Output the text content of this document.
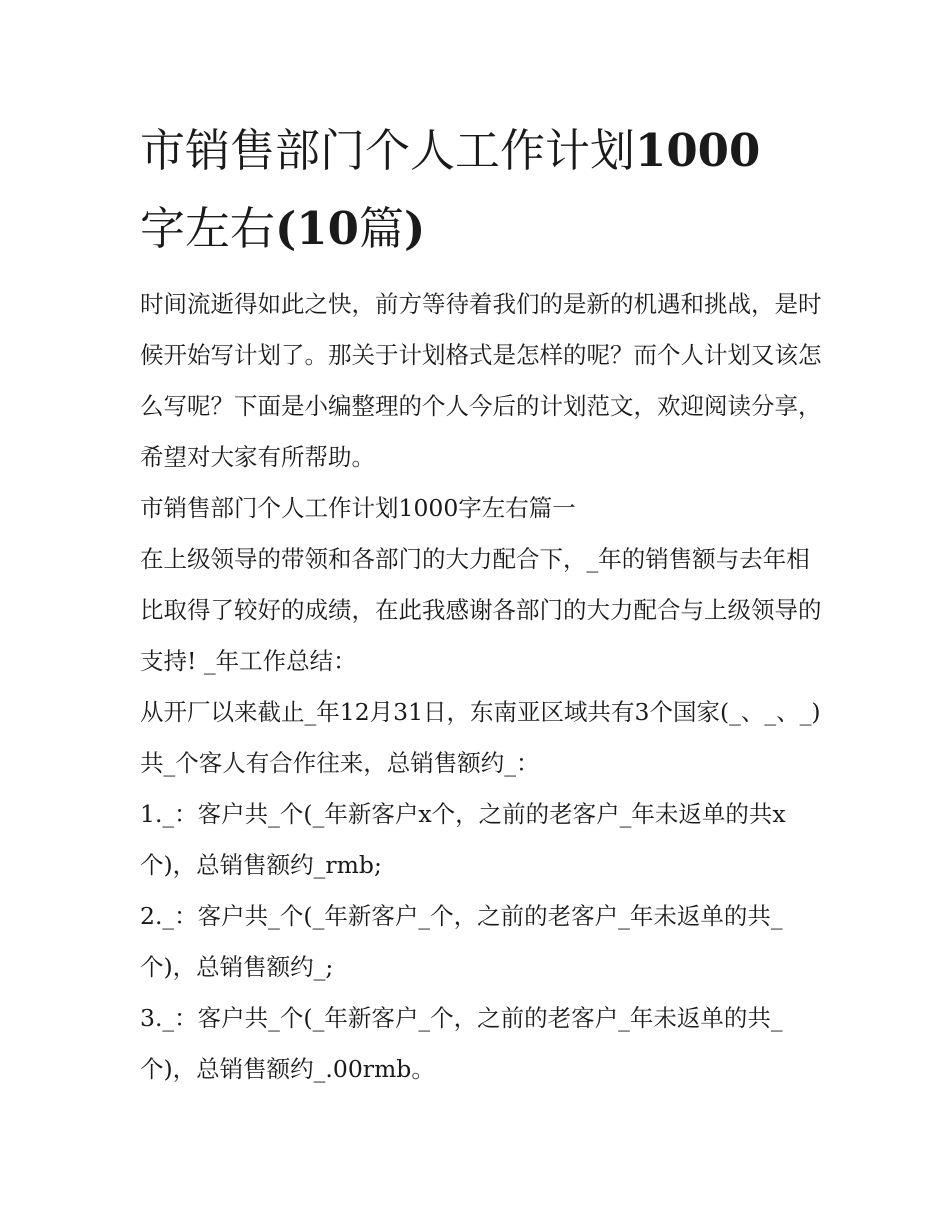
市销售部门个人工作计划1000
字左右(10篇)

时间流逝得如此之快，前方等待着我们的是新的机遇和挑战，是时候开始写计划了。那关于计划格式是怎样的呢？而个人计划又该怎么写呢？下面是小编整理的个人今后的计划范文，欢迎阅读分享，希望对大家有所帮助。

市销售部门个人工作计划1000字左右篇一

在上级领导的带领和各部门的大力配合下，_年的销售额与去年相比取得了较好的成绩，在此我感谢各部门的大力配合与上级领导的支持! _年工作总结：

从开厂以来截止_年12月31日，东南亚区域共有3个国家(_、_、_)共_个客人有合作往来，总销售额约_：

1._：客户共_个(_年新客户x个，之前的老客户_年未返单的共x个)，总销售额约_rmb;

2._：客户共_个(_年新客户_个，之前的老客户_年未返单的共_个)，总销售额约_;

3._：客户共_个(_年新客户_个，之前的老客户_年未返单的共_个)，总销售额约_.00rmb。
